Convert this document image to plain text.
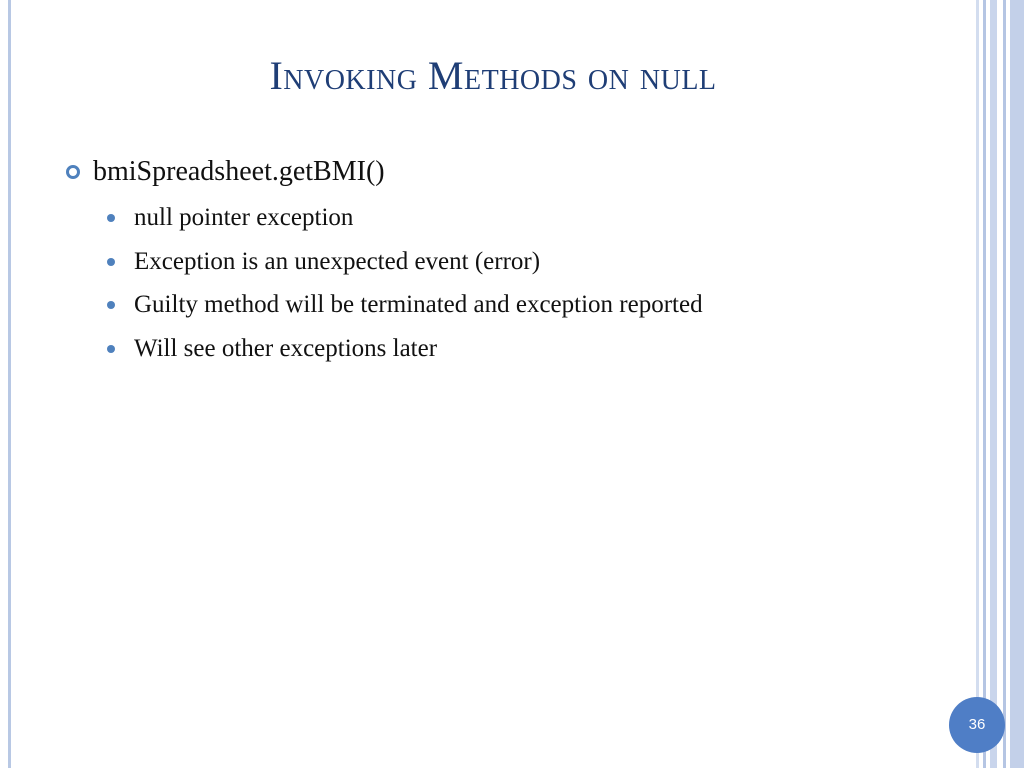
Invoking Methods on null
bmiSpreadsheet.getBMI()
null pointer exception
Exception is an unexpected event (error)
Guilty method will be terminated and exception reported
Will see other exceptions later
36
